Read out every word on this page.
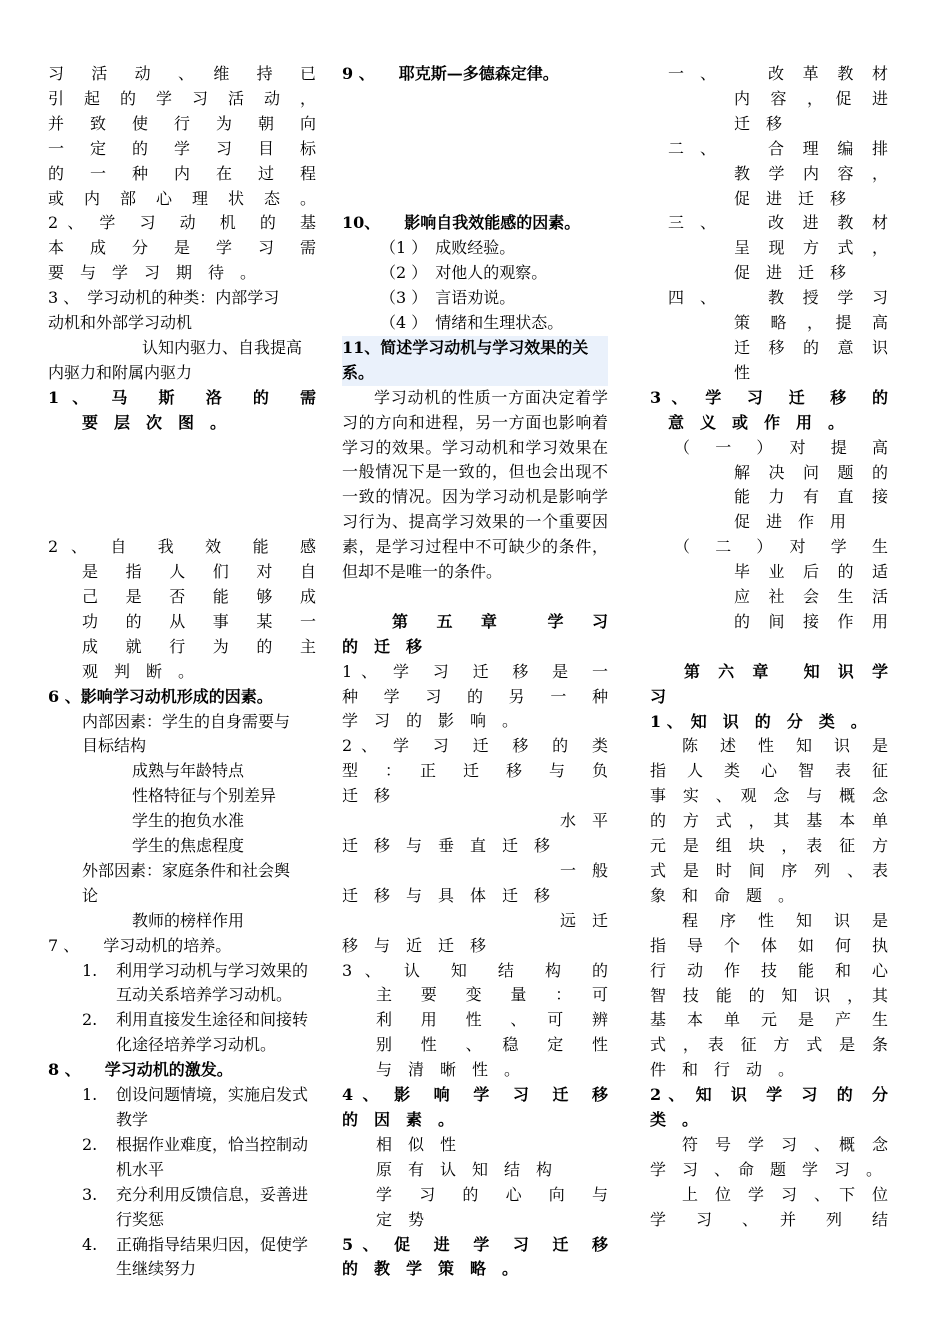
习　活　动　、　维　持　已

引　起　的　学　习　活　动　，

并　致　使　行　为　朝　向

一　定　的　学　习　目　标

的　一　种　内　在　过　程

或　内　部　心　理　状　态　。

2 、　学　习　动　机　的　基

本　成　分　是　学　习　需

要　与　学　习　期　待　。

3 、　学习动机的种类：内部学习

动机和外部学习动机

认知内驱力、自我提高

内驱力和附属内驱力

1 、　马　斯　洛　的　需

要　层　次　图　。

2 、　自　我　效　能　感

是　指　人　们　对　自

己　是　否　能　够　成

功　的　从　事　某　一

成　就　行　为　的　主

观　判　断　。

6 、影响学习动机形成的因素。

内部因素：学生的自身需要与

目标结构

成熟与年龄特点

性格特征与个别差异

学生的抱负水准

学生的焦虑程度

外部因素：家庭条件和社会舆

论

教师的榜样作用

7 、　　学习动机的培养。

1.	利用学习动机与学习效果的互动关系培养学习动机。
2.	利用直接发生途径和间接转化途径培养学习动机。

8 、　　学习动机的激发。

1.	创设问题情境，实施启发式教学
2.	根据作业难度，恰当控制动机水平
3.	充分利用反馈信息，妥善进行奖惩
4.	正确指导结果归因，促使学生继续努力

9 、　　耶克斯—多德森定律。

10、　　影响自我效能感的因素。

（1 ）　成败经验。

（2 ）　对他人的观察。

（3 ）　言语劝说。

（4 ）　情绪和生理状态。

11、简述学习动机与学习效果的关

系。

学习动机的性质一方面决定着学习的方向和进程，另一方面也影响着学习的效果。学习动机和学习效果在一般情况下是一致的，但也会出现不一致的情况。因为学习动机是影响学习行为、提高学习效果的一个重要因素，是学习过程中不可缺少的条件，但却不是唯一的条件。

第　五　章　　学　习

的　迁　移

1 、　学　习　迁　移　是　一

种　学　习　的　另　一　种

学　习　的　影　响　。

2 、　学　习　迁　移　的　类

型　：　正　迁　移　与　负

迁　移

水　平

迁　移　与　垂　直　迁　移

一　般

迁　移　与　具　体　迁　移

远　迁

移　与　近　迁　移

3 、　认　知　结　构　的

主　要　变　量　：　可

利　用　性　、　可　辨

别　性　、　稳　定　性

与　清　晰　性　。

4 、　影　响　学　习　迁　移

的　因　素　。

相　似　性

原　有　认　知　结　构

学　习　的　心　向　与

定　势

5 、　促　进　学　习　迁　移

的　教　学　策　略　。

一　、	改　革　教　材

内　容　，　促　进

迁　移

二　、	合　理　编　排

教　学　内　容　，

促　进　迁　移

三　、	改　进　教　材

呈　现　方　式　，

促　进　迁　移

四　、	教　授　学　习

策　略　，　提　高

迁　移　的　意　识

性

3 、　学　习　迁　移　的

意　义　或　作　用　。

（　一　）　对　提　高

解　决　问　题　的

能　力　有　直　接

促　进　作　用

（　二　）　对　学　生

毕　业　后　的　适

应　社　会　生　活

的　间　接　作　用

第　六　章　　知　识　学

习

1 、　知　识　的　分　类　。

陈　述　性　知　识　是　指　人　类　心　智　表　征　事　实　、　观　念　与　概　念　的　方　式　，　其　基　本　单　元　是　组　块　，　表　征　方　式　是　时　间　序　列　、　表　象　和　命　题　。

程　序　性　知　识　是　指　导　个　体　如　何　执　行　动　作　技　能　和　心　智　技　能　的　知　识　，　其　基　本　单　元　是　产　生　式　，　表　征　方　式　是　条　件　和　行　动　。

2 、　知　识　学　习　的　分

类　。

符　号　学　习　、　概　念　学　习　、　命　题　学　习　。

上　位　学　习　、　下　位　学　习　、　并　列　结
